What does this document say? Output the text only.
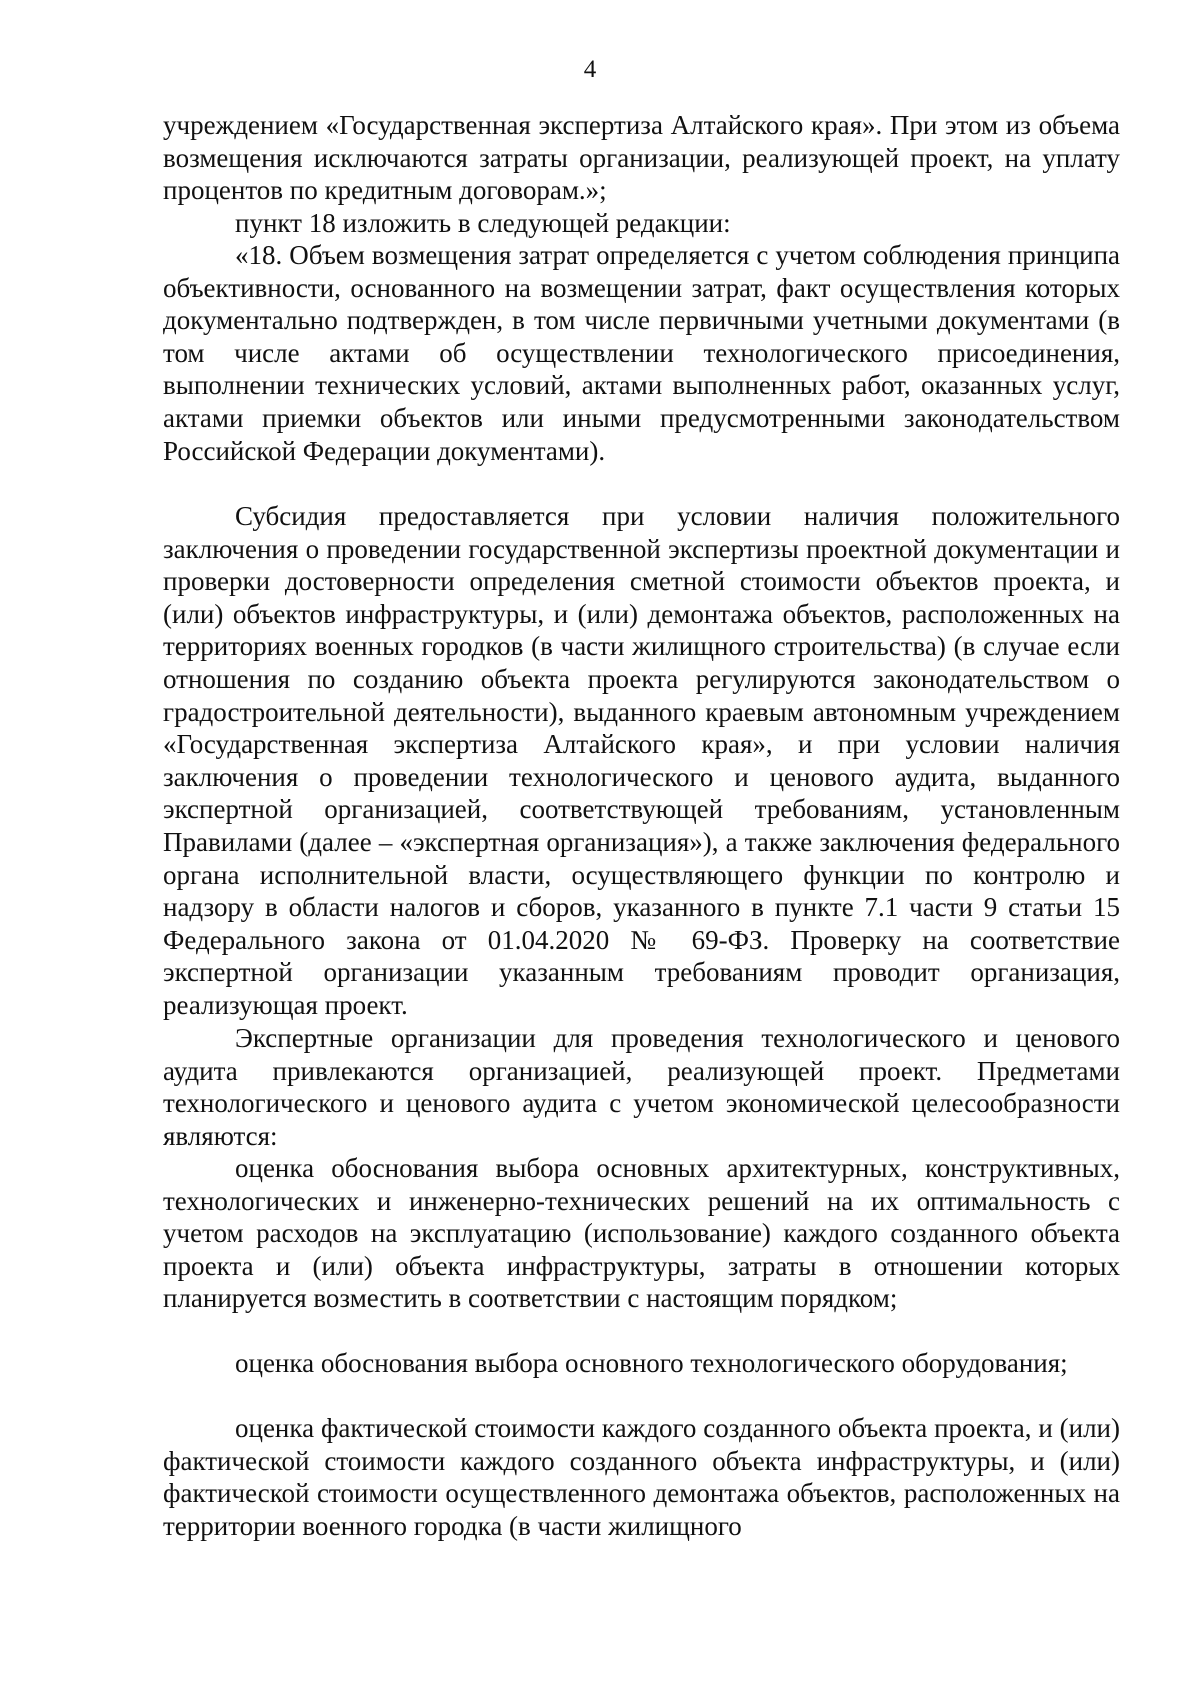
4

учреждением «Государственная экспертиза Алтайского края». При этом из объема возмещения исключаются затраты организации, реализующей проект, на уплату процентов по кредитным договорам.»;

пункт 18 изложить в следующей редакции:

«18. Объем возмещения затрат определяется с учетом соблюдения принципа объективности, основанного на возмещении затрат, факт осуществления которых документально подтвержден, в том числе первичными учетными документами (в том числе актами об осуществлении технологического присоединения, выполнении технических условий, актами выполненных работ, оказанных услуг, актами приемки объектов или иными предусмотренными законодательством Российской Федерации документами).

Субсидия предоставляется при условии наличия положительного заключения о проведении государственной экспертизы проектной документации и проверки достоверности определения сметной стоимости объектов проекта, и (или) объектов инфраструктуры, и (или) демонтажа объектов, расположенных на территориях военных городков (в части жилищного строительства) (в случае если отношения по созданию объекта проекта регулируются законодательством о градостроительной деятельности), выданного краевым автономным учреждением «Государственная экспертиза Алтайского края», и при условии наличия заключения о проведении технологического и ценового аудита, выданного экспертной организацией, соответствующей требованиям, установленным Правилами (далее – «экспертная организация»), а также заключения федерального органа исполнительной власти, осуществляющего функции по контролю и надзору в области налогов и сборов, указанного в пункте 7.1 части 9 статьи 15 Федерального закона от 01.04.2020 № 69-ФЗ. Проверку на соответствие экспертной организации указанным требованиям проводит организация, реализующая проект.

Экспертные организации для проведения технологического и ценового аудита привлекаются организацией, реализующей проект. Предметами технологического и ценового аудита с учетом экономической целесообразности являются:

оценка обоснования выбора основных архитектурных, конструктивных, технологических и инженерно-технических решений на их оптимальность с учетом расходов на эксплуатацию (использование) каждого созданного объекта проекта и (или) объекта инфраструктуры, затраты в отношении которых планируется возместить в соответствии с настоящим порядком;

оценка обоснования выбора основного технологического оборудования;

оценка фактической стоимости каждого созданного объекта проекта, и (или) фактической стоимости каждого созданного объекта инфраструктуры, и (или) фактической стоимости осуществленного демонтажа объектов, расположенных на территории военного городка (в части жилищного
